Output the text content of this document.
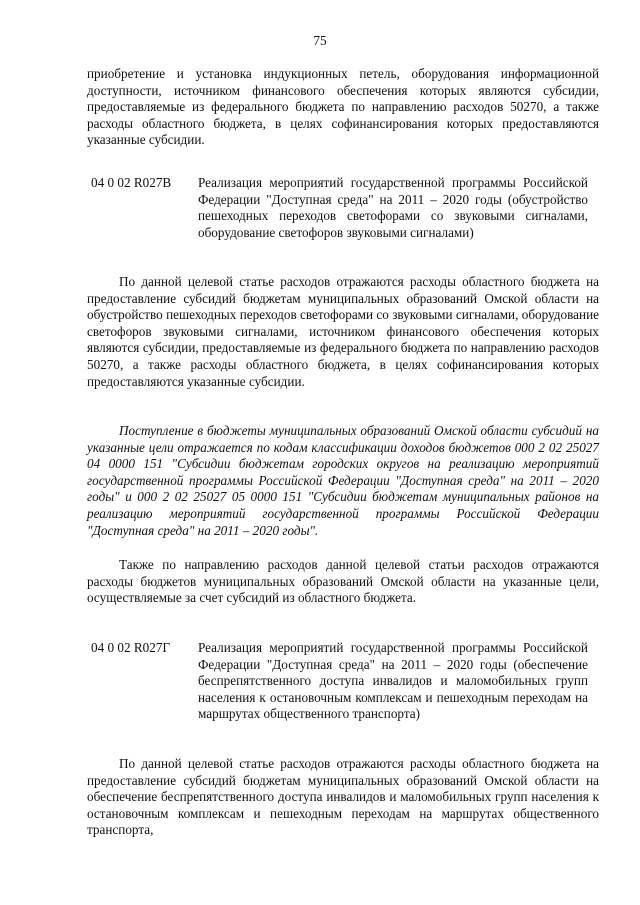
75

приобретение и установка индукционных петель, оборудования информационной доступности, источником финансового обеспечения которых являются субсидии, предоставляемые из федерального бюджета по направлению расходов 50270, а также расходы областного бюджета, в целях софинансирования которых предоставляются указанные субсидии.

04 0 02 R027В Реализация мероприятий государственной программы Российской Федерации "Доступная среда" на 2011 – 2020 годы (обустройство пешеходных переходов светофорами со звуковыми сигналами, оборудование светофоров звуковыми сигналами)

По данной целевой статье расходов отражаются расходы областного бюджета на предоставление субсидий бюджетам муниципальных образований Омской области на обустройство пешеходных переходов светофорами со звуковыми сигналами, оборудование светофоров звуковыми сигналами, источником финансового обеспечения которых являются субсидии, предоставляемые из федерального бюджета по направлению расходов 50270, а также расходы областного бюджета, в целях софинансирования которых предоставляются указанные субсидии.

Поступление в бюджеты муниципальных образований Омской области субсидий на указанные цели отражается по кодам классификации доходов бюджетов 000 2 02 25027 04 0000 151 "Субсидии бюджетам городских округов на реализацию мероприятий государственной программы Российской Федерации "Доступная среда" на 2011 – 2020 годы" и 000 2 02 25027 05 0000 151 "Субсидии бюджетам муниципальных районов на реализацию мероприятий государственной программы Российской Федерации "Доступная среда" на 2011 – 2020 годы".

Также по направлению расходов данной целевой статьи расходов отражаются расходы бюджетов муниципальных образований Омской области на указанные цели, осуществляемые за счет субсидий из областного бюджета.

04 0 02 R027Г Реализация мероприятий государственной программы Российской Федерации "Доступная среда" на 2011 – 2020 годы (обеспечение беспрепятственного доступа инвалидов и маломобильных групп населения к остановочным комплексам и пешеходным переходам на маршрутах общественного транспорта)

По данной целевой статье расходов отражаются расходы областного бюджета на предоставление субсидий бюджетам муниципальных образований Омской области на обеспечение беспрепятственного доступа инвалидов и маломобильных групп населения к остановочным комплексам и пешеходным переходам на маршрутах общественного транспорта,
